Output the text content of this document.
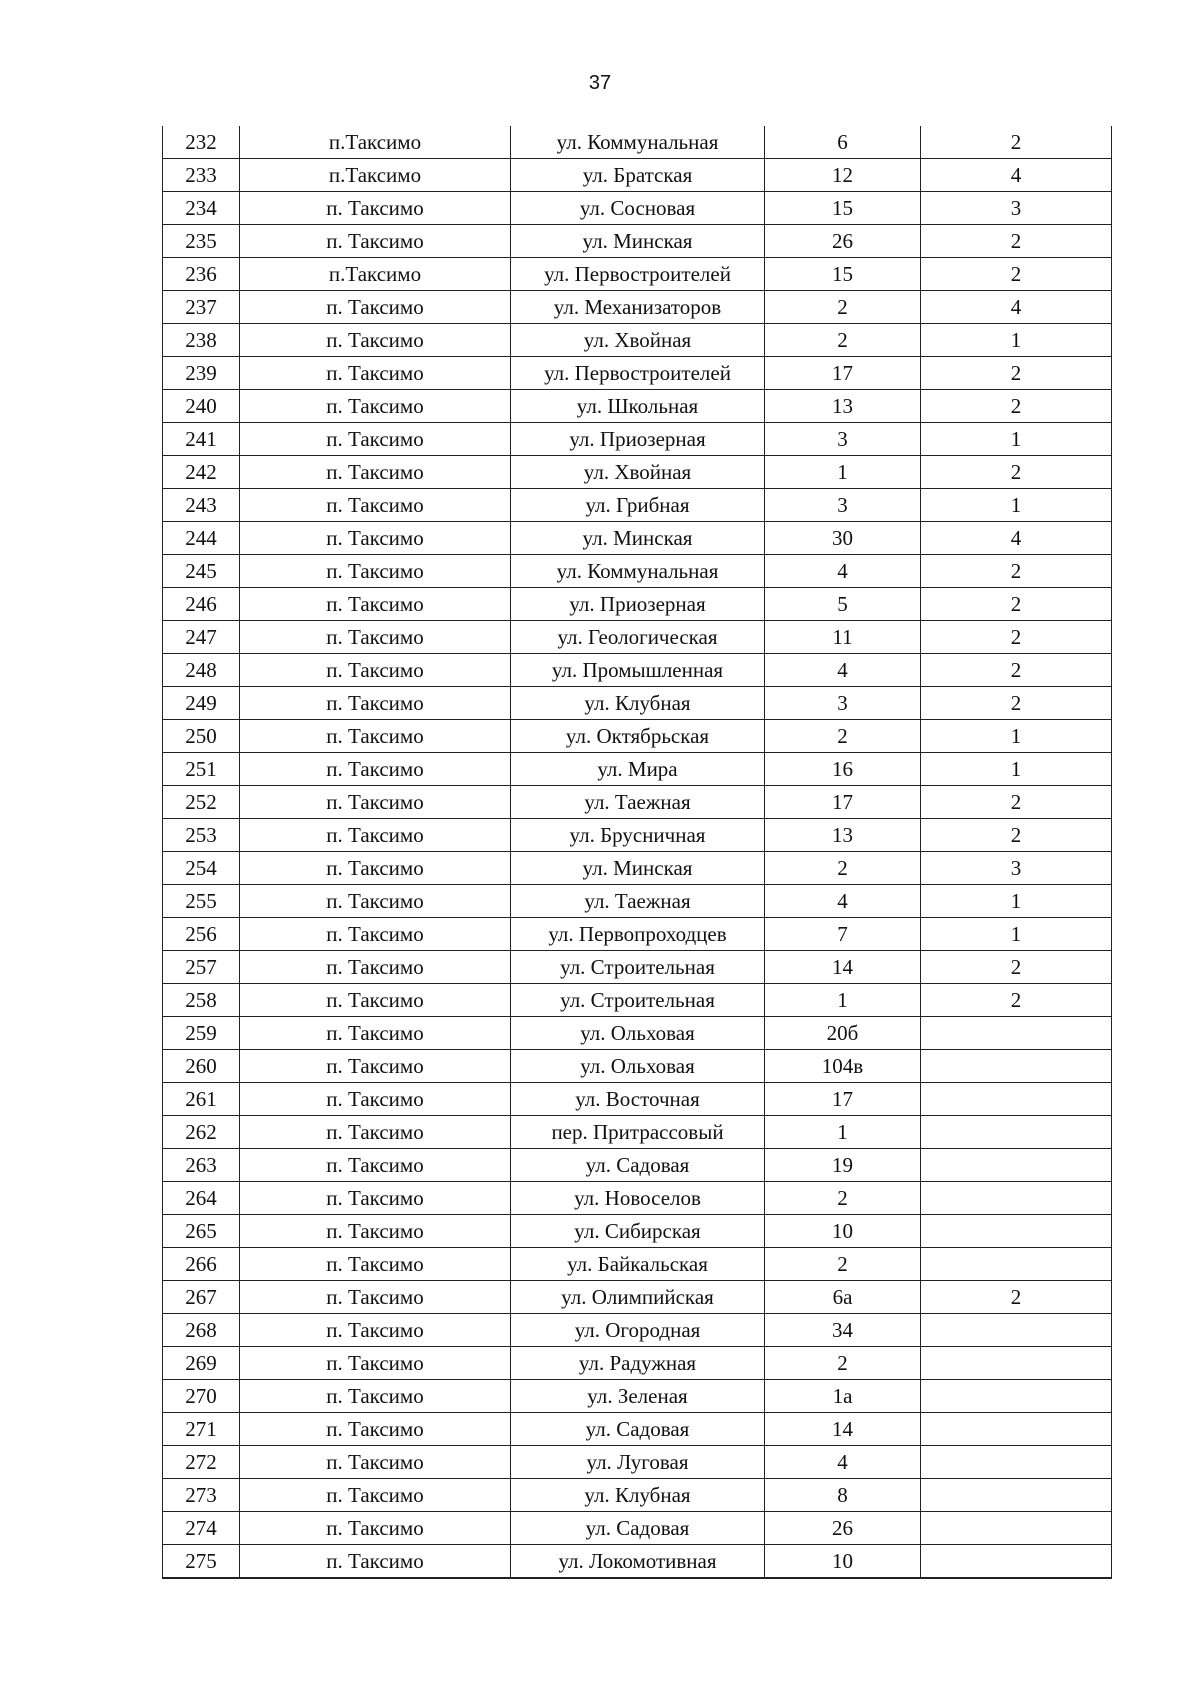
37
232	п.Таксимо	ул. Коммунальная	6	2
233	п.Таксимо	ул. Братская	12	4
234	п. Таксимо	ул. Сосновая	15	3
235	п. Таксимо	ул. Минская	26	2
236	п.Таксимо	ул. Первостроителей	15	2
237	п. Таксимо	ул. Механизаторов	2	4
238	п. Таксимо	ул. Хвойная	2	1
239	п. Таксимо	ул. Первостроителей	17	2
240	п. Таксимо	ул. Школьная	13	2
241	п. Таксимо	ул. Приозерная	3	1
242	п. Таксимо	ул. Хвойная	1	2
243	п. Таксимо	ул. Грибная	3	1
244	п. Таксимо	ул. Минская	30	4
245	п. Таксимо	ул. Коммунальная	4	2
246	п. Таксимо	ул. Приозерная	5	2
247	п. Таксимо	ул. Геологическая	11	2
248	п. Таксимо	ул. Промышленная	4	2
249	п. Таксимо	ул. Клубная	3	2
250	п. Таксимо	ул. Октябрьская	2	1
251	п. Таксимо	ул. Мира	16	1
252	п. Таксимо	ул. Таежная	17	2
253	п. Таксимо	ул. Брусничная	13	2
254	п. Таксимо	ул. Минская	2	3
255	п. Таксимо	ул. Таежная	4	1
256	п. Таксимо	ул. Первопроходцев	7	1
257	п. Таксимо	ул. Строительная	14	2
258	п. Таксимо	ул. Строительная	1	2
259	п. Таксимо	ул. Ольховая	20б	
260	п. Таксимо	ул. Ольховая	104в	
261	п. Таксимо	ул. Восточная	17	
262	п. Таксимо	пер. Притрассовый	1	
263	п. Таксимо	ул. Садовая	19	
264	п. Таксимо	ул. Новоселов	2	
265	п. Таксимо	ул. Сибирская	10	
266	п. Таксимо	ул. Байкальская	2	
267	п. Таксимо	ул. Олимпийская	6а	2
268	п. Таксимо	ул. Огородная	34	
269	п. Таксимо	ул. Радужная	2	
270	п. Таксимо	ул. Зеленая	1а	
271	п. Таксимо	ул. Садовая	14	
272	п. Таксимо	ул. Луговая	4	
273	п. Таксимо	ул. Клубная	8	
274	п. Таксимо	ул. Садовая	26	
275	п. Таксимо	ул. Локомотивная	10	
